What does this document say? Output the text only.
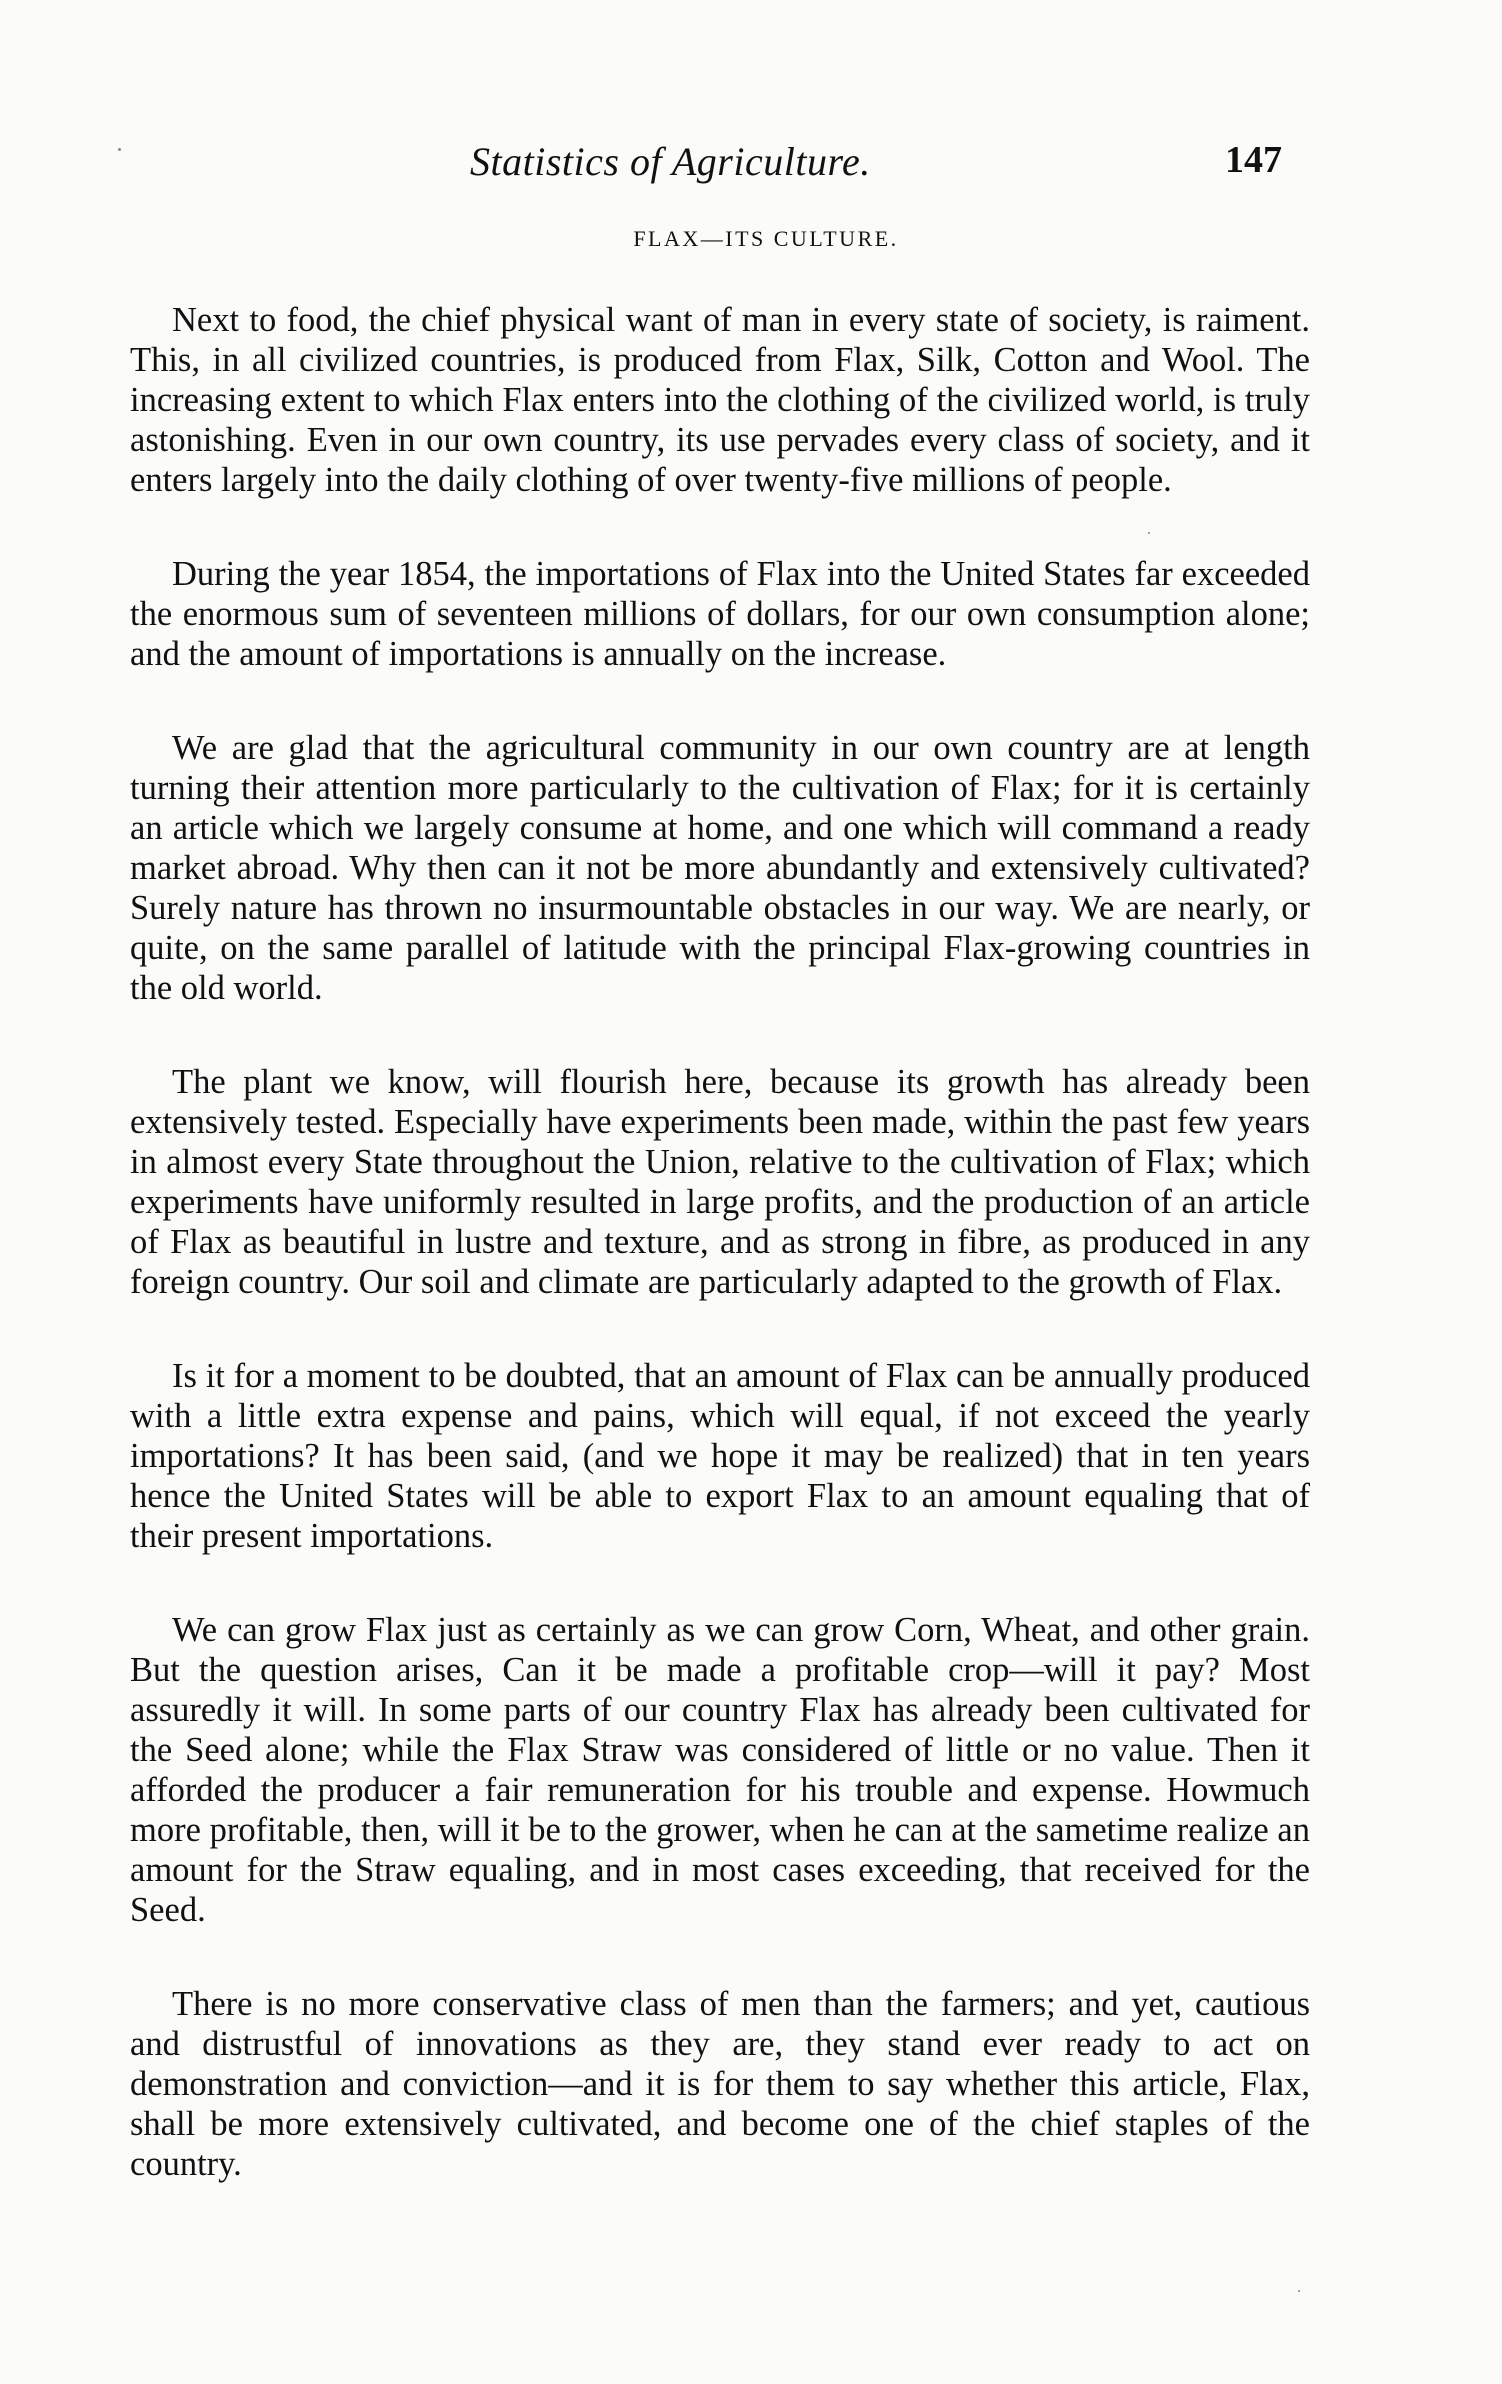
Statistics of Agriculture.	147
FLAX—ITS CULTURE.

Next to food, the chief physical want of man in every state of society, is raiment. This, in all civilized countries, is produced from Flax, Silk, Cotton and Wool. The increasing extent to which Flax enters into the clothing of the civilized world, is truly astonishing. Even in our own country, its use pervades every class of society, and it enters largely into the daily clothing of over twenty-five millions of people.

During the year 1854, the importations of Flax into the United States far exceeded the enormous sum of seventeen millions of dollars, for our own consumption alone; and the amount of importations is annually on the increase.

We are glad that the agricultural community in our own country are at length turning their attention more particularly to the cultivation of Flax; for it is certainly an article which we largely consume at home, and one which will command a ready market abroad. Why then can it not be more abundantly and extensively cultivated? Surely nature has thrown no insurmountable obstacles in our way. We are nearly, or quite, on the same parallel of latitude with the principal Flax-growing countries in the old world.

The plant we know, will flourish here, because its growth has already been extensively tested. Especially have experiments been made, within the past few years in almost every State throughout the Union, relative to the cultivation of Flax; which experiments have uniformly resulted in large profits, and the production of an article of Flax as beautiful in lustre and texture, and as strong in fibre, as produced in any foreign country. Our soil and climate are particularly adapted to the growth of Flax.

Is it for a moment to be doubted, that an amount of Flax can be annually produced with a little extra expense and pains, which will equal, if not exceed the yearly importations? It has been said, (and we hope it may be realized) that in ten years hence the United States will be able to export Flax to an amount equaling that of their present importations.

We can grow Flax just as certainly as we can grow Corn, Wheat, and other grain. But the question arises, Can it be made a profitable crop—will it pay? Most assuredly it will. In some parts of our country Flax has already been cultivated for the Seed alone; while the Flax Straw was considered of little or no value. Then it afforded the producer a fair remuneration for his trouble and expense. Howmuch more profitable, then, will it be to the grower, when he can at the sametime realize an amount for the Straw equaling, and in most cases exceeding, that received for the Seed.

There is no more conservative class of men than the farmers; and yet, cautious and distrustful of innovations as they are, they stand ever ready to act on demonstration and conviction—and it is for them to say whether this article, Flax, shall be more extensively cultivated, and become one of the chief staples of the country.
